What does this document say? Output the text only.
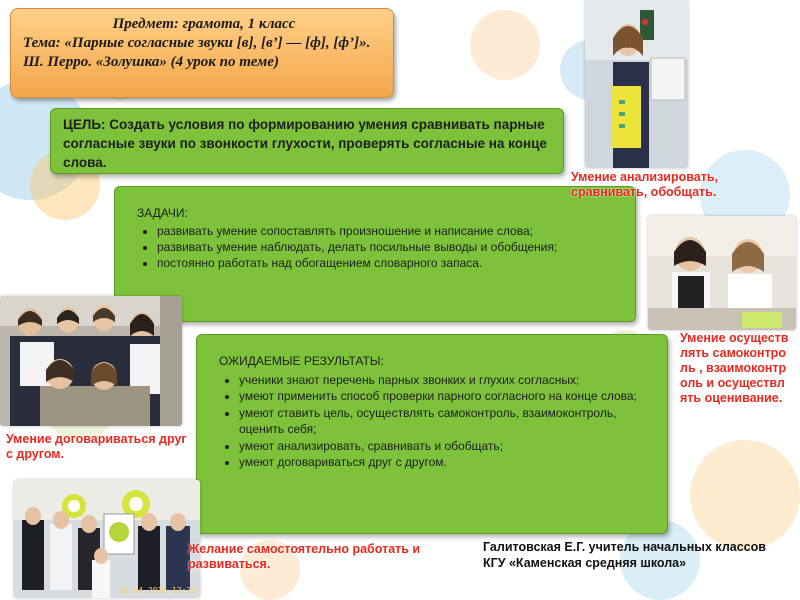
Предмет: грамота, 1 класс
Тема: «Парные согласные звуки [в], [в’] — [ф], [ф’]». Ш. Перро. «Золушка» (4 урок по теме)
ЦЕЛЬ: Создать условия по формированию умения сравнивать парные согласные звуки по звонкости глухости, проверять согласные на конце слова.
ЗАДАЧИ:
• развивать умение сопоставлять произношение и написание слова;
• развивать умение наблюдать, делать посильные выводы и обобщения;
• постоянно работать над обогащением словарного запаса.
ОЖИДАЕМЫЕ РЕЗУЛЬТАТЫ:
• ученики знают перечень парных звонких и глухих согласных;
• умеют применить способ проверки парного согласного на конце слова;
• умеют ставить цель, осуществлять самоконтроль, взаимоконтроль, оценить себя;
• умеют анализировать, сравнивать и обобщать;
• умеют договариваться друг с другом.
20.04.2016 12:23
Умение анализировать, сравнивать, обобщать.
Умение осуществлять самоконтроль , взаимоконтроль и осуществлять оценивание.
Умение договариваться друг с другом.
Желание самостоятельно работать и развиваться.
Галитовская Е.Г. учитель начальных классов
КГУ «Каменская средняя школа»
